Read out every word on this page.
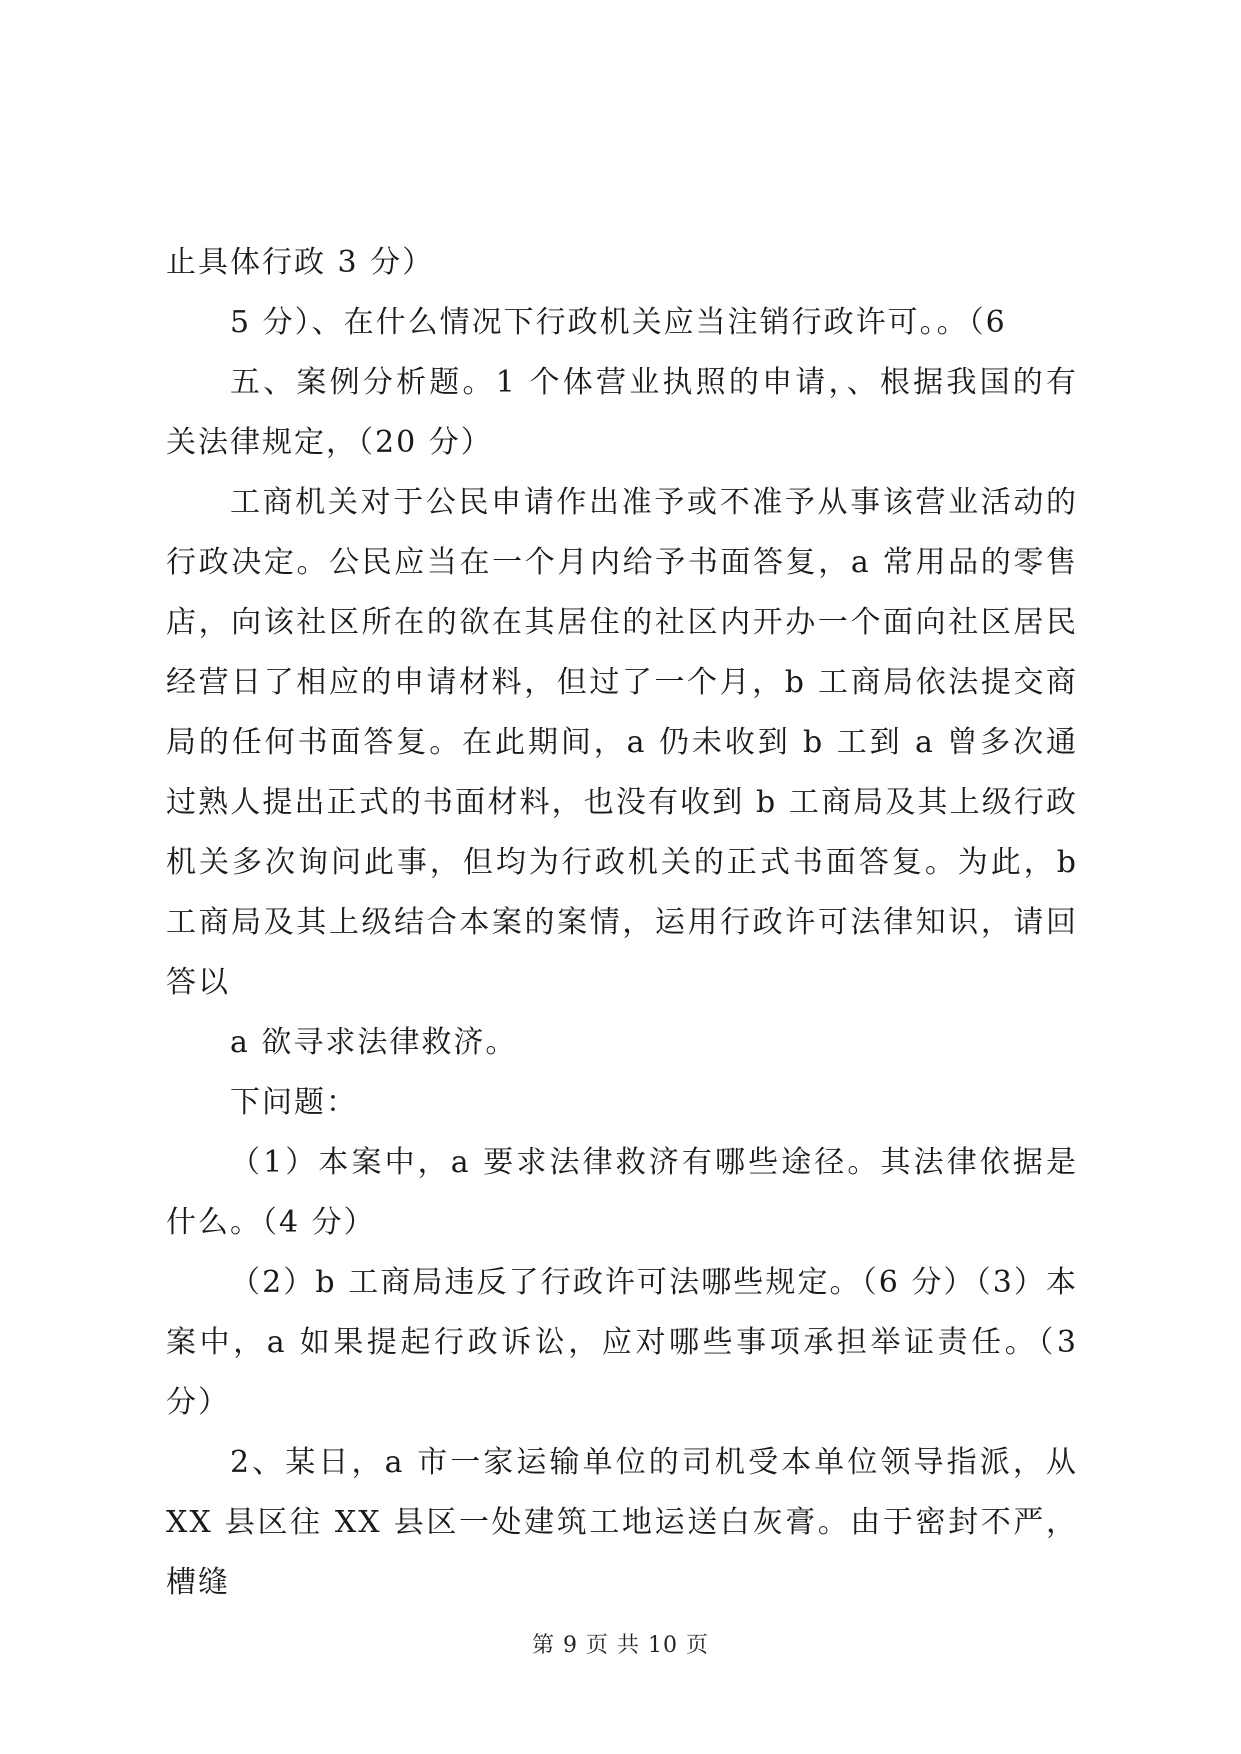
止具体行政 3 分）

5 分）、在什么情况下行政机关应当注销行政许可。。（6

五、案例分析题。1 个体营业执照的申请，、根据我国的有关法律规定，（20 分）

工商机关对于公民申请作出准予或不准予从事该营业活动的行政决定。公民应当在一个月内给予书面答复，a 常用品的零售店，向该社区所在的欲在其居住的社区内开办一个面向社区居民经营日了相应的申请材料，但过了一个月，b 工商局依法提交商局的任何书面答复。在此期间，a 仍未收到 b 工到 a 曾多次通过熟人提出正式的书面材料，也没有收到 b 工商局及其上级行政机关多次询问此事，但均为行政机关的正式书面答复。为此，b 工商局及其上级结合本案的案情，运用行政许可法律知识，请回答以

a 欲寻求法律救济。

下问题：

（1）本案中，a 要求法律救济有哪些途径。其法律依据是什么。（4 分）

（2）b 工商局违反了行政许可法哪些规定。（6 分）（3）本案中，a 如果提起行政诉讼，应对哪些事项承担举证责任。（3 分）

2、某日，a 市一家运输单位的司机受本单位领导指派，从 XX 县区往 XX 县区一处建筑工地运送白灰膏。由于密封不严，槽缝

第 9 页 共 10 页
